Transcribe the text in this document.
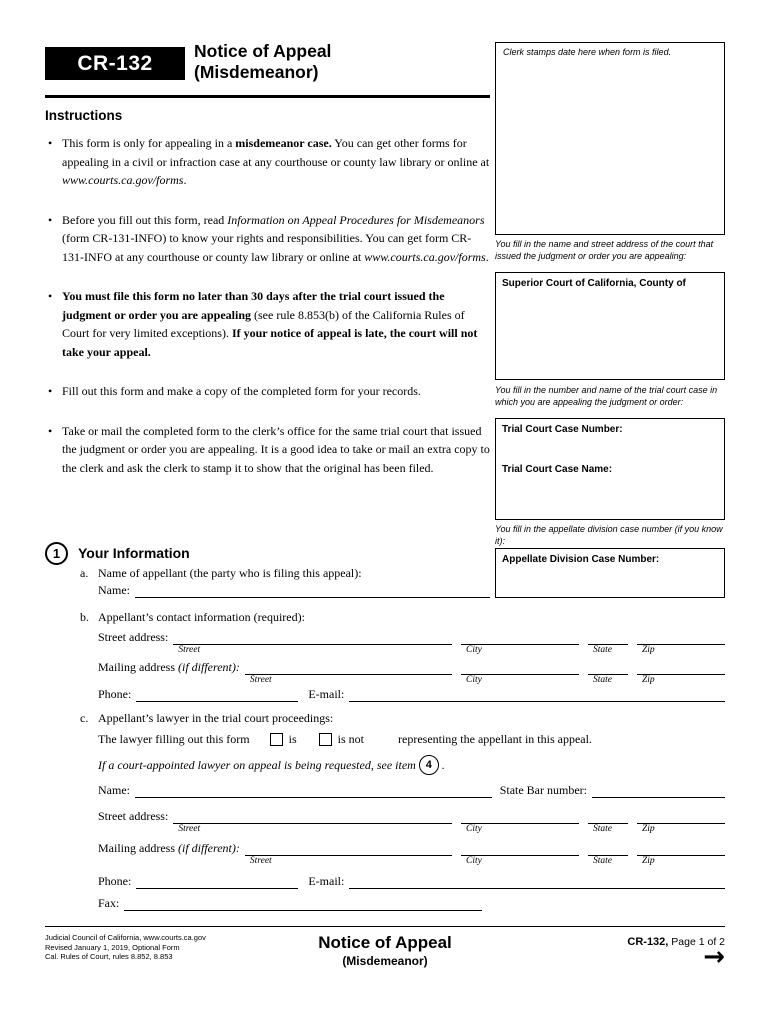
CR-132
Notice of Appeal
(Misdemeanor)
Clerk stamps date here when form is filed.
You fill in the name and street address of the court that issued the judgment or order you are appealing:
Superior Court of California, County of
You fill in the number and name of the trial court case in which you are appealing the judgment or order:
Trial Court Case Number:
Trial Court Case Name:
You fill in the appellate division case number (if you know it):
Appellate Division Case Number:
Instructions
• This form is only for appealing in a misdemeanor case. You can get other forms for appealing in a civil or infraction case at any courthouse or county law library or online at www.courts.ca.gov/forms.
• Before you fill out this form, read Information on Appeal Procedures for Misdemeanors (form CR-131-INFO) to know your rights and responsibilities. You can get form CR-131-INFO at any courthouse or county law library or online at www.courts.ca.gov/forms.
• You must file this form no later than 30 days after the trial court issued the judgment or order you are appealing (see rule 8.853(b) of the California Rules of Court for very limited exceptions). If your notice of appeal is late, the court will not take your appeal.
• Fill out this form and make a copy of the completed form for your records.
• Take or mail the completed form to the clerk’s office for the same trial court that issued the judgment or order you are appealing. It is a good idea to take or mail an extra copy to the clerk and ask the clerk to stamp it to show that the original has been filed.
1 Your Information
a. Name of appellant (the party who is filing this appeal):
Name:
b. Appellant’s contact information (required):
Street address:
Street	City	State	Zip
Mailing address (if different):
Street	City	State	Zip
Phone:	E-mail:
c. Appellant’s lawyer in the trial court proceedings:
The lawyer filling out this form	is	is not	representing the appellant in this appeal.
If a court-appointed lawyer on appeal is being requested, see item 4 .
Name:	State Bar number:
Street address:
Street	City	State	Zip
Mailing address (if different):
Street	City	State	Zip
Phone:	E-mail:
Fax:
Judicial Council of California, www.courts.ca.gov
Revised January 1, 2019, Optional Form
Cal. Rules of Court, rules 8.852, 8.853
Notice of Appeal
(Misdemeanor)
CR-132, Page 1 of 2
→
